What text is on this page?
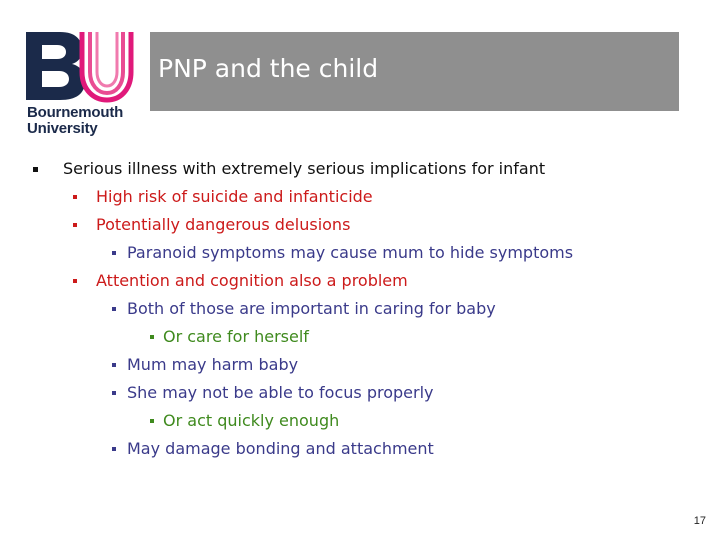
Bournemouth
University
PNP and the child
Serious illness with extremely serious implications for infant
High risk of suicide and infanticide
Potentially dangerous delusions
Paranoid symptoms may cause mum to hide symptoms
Attention and cognition also a problem
Both of those are important in caring for baby
Or care for herself
Mum may harm baby
She may not be able to focus properly
Or act quickly enough
May damage bonding and attachment
17
